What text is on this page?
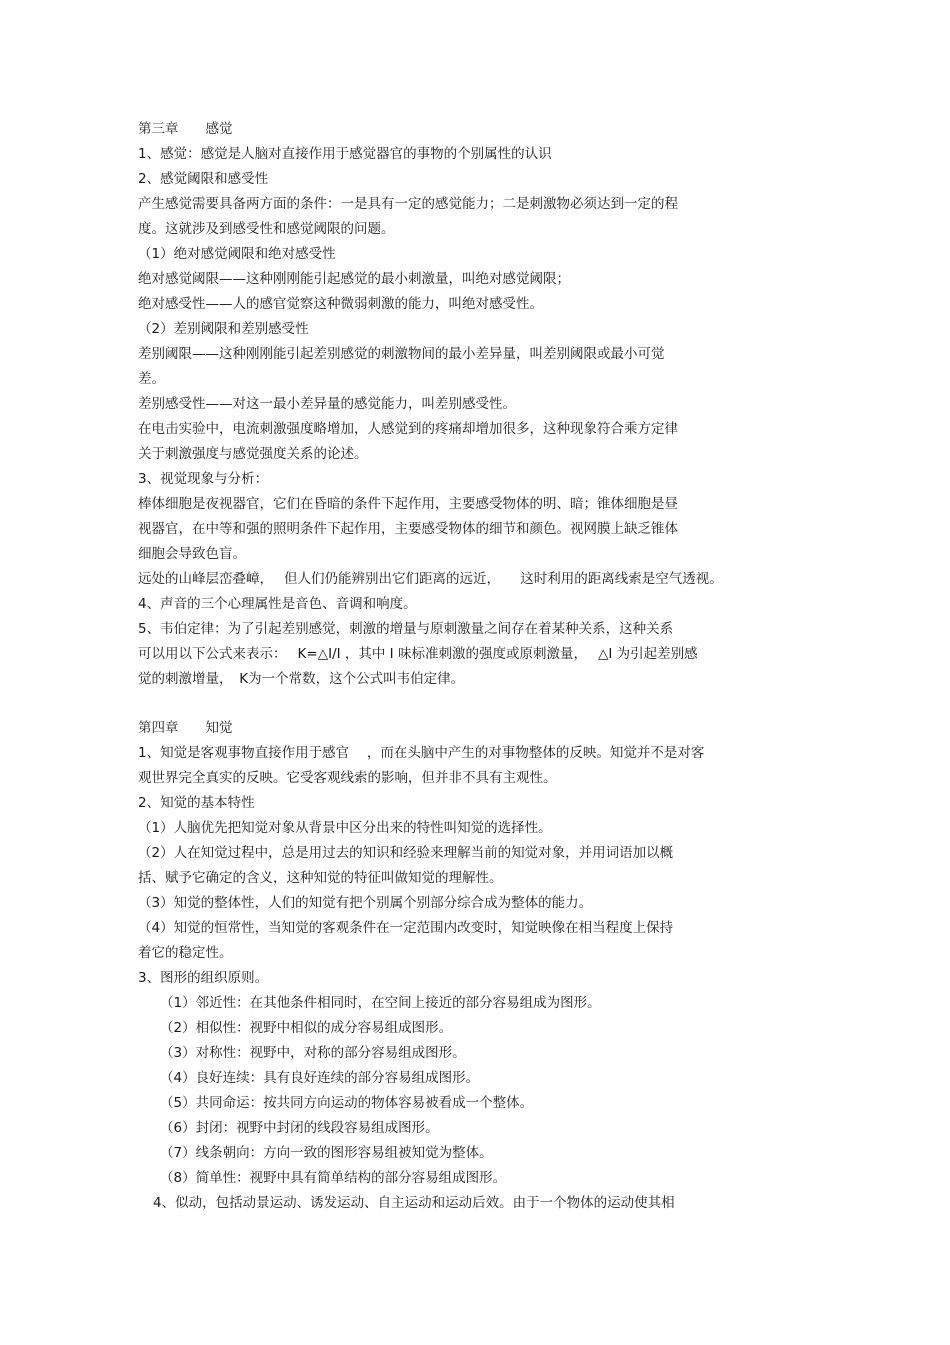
第三章　　感觉

1、感觉：感觉是人脑对直接作用于感觉器官的事物的个别属性的认识

2、感觉阈限和感受性

产生感觉需要具备两方面的条件：一是具有一定的感觉能力；二是刺激物必须达到一定的程

度。这就涉及到感受性和感觉阈限的问题。

（1）绝对感觉阈限和绝对感受性

绝对感觉阈限——这种刚刚能引起感觉的最小刺激量，叫绝对感觉阈限；

绝对感受性——人的感官觉察这种微弱刺激的能力，叫绝对感受性。

（2）差别阈限和差别感受性

差别阈限——这种刚刚能引起差别感觉的刺激物间的最小差异量，叫差别阈限或最小可觉

差。

差别感受性——对这一最小差异量的感觉能力，叫差别感受性。

在电击实验中，电流刺激强度略增加，人感觉到的疼痛却增加很多，这种现象符合乘方定律

关于刺激强度与感觉强度关系的论述。

3、视觉现象与分析：

棒体细胞是夜视器官，它们在昏暗的条件下起作用，主要感受物体的明、暗；锥体细胞是昼

视器官，在中等和强的照明条件下起作用，主要感受物体的细节和颜色。视网膜上缺乏锥体

细胞会导致色盲。

远处的山峰层峦叠嶂，　 但人们仍能辨别出它们距离的远近，　　这时利用的距离线索是空气透视。

4、声音的三个心理属性是音色、音调和响度。

5、韦伯定律：为了引起差别感觉，刺激的增量与原刺激量之间存在着某种关系，这种关系

可以用以下公式来表示：　 K=△I/I ，其中 I 味标准刺激的强度或原刺激量，　 △I 为引起差别感

觉的刺激增量，　K为一个常数，这个公式叫韦伯定律。

第四章　　知觉

1、知觉是客观事物直接作用于感官　 ，而在头脑中产生的对事物整体的反映。知觉并不是对客

观世界完全真实的反映。它受客观线索的影响，但并非不具有主观性。

2、知觉的基本特性

（1）人脑优先把知觉对象从背景中区分出来的特性叫知觉的选择性。

（2）人在知觉过程中，总是用过去的知识和经验来理解当前的知觉对象，并用词语加以概

括、赋予它确定的含义，这种知觉的特征叫做知觉的理解性。

（3）知觉的整体性，人们的知觉有把个别属个别部分综合成为整体的能力。

（4）知觉的恒常性，当知觉的客观条件在一定范围内改变时，知觉映像在相当程度上保持

着它的稳定性。

3、图形的组织原则。

（1）邻近性：在其他条件相同时，在空间上接近的部分容易组成为图形。

（2）相似性：视野中相似的成分容易组成图形。

（3）对称性：视野中，对称的部分容易组成图形。

（4）良好连续：具有良好连续的部分容易组成图形。

（5）共同命运：按共同方向运动的物体容易被看成一个整体。

（6）封闭：视野中封闭的线段容易组成图形。

（7）线条朝向：方向一致的图形容易组被知觉为整体。

（8）简单性：视野中具有简单结构的部分容易组成图形。

4、似动，包括动景运动、诱发运动、自主运动和运动后效。由于一个物体的运动使其相
